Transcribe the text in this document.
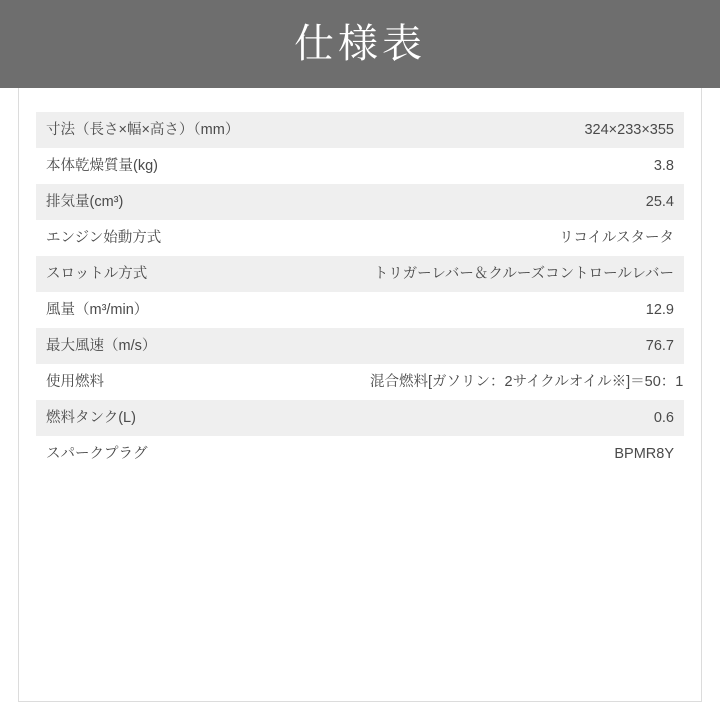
仕様表
寸法（長さ×幅×高さ）（mm）	324×233×355
本体乾燥質量(kg)	3.8
排気量(cm³)	25.4
エンジン始動方式	リコイルスタータ
スロットル方式	トリガーレバー＆クルーズコントロールレバー
風量（m³/min）	12.9
最大風速（m/s）	76.7
使用燃料	混合燃料[ガソリン：2サイクルオイル※]＝50：1
燃料タンク(L)	0.6
スパークプラグ	BPMR8Y
